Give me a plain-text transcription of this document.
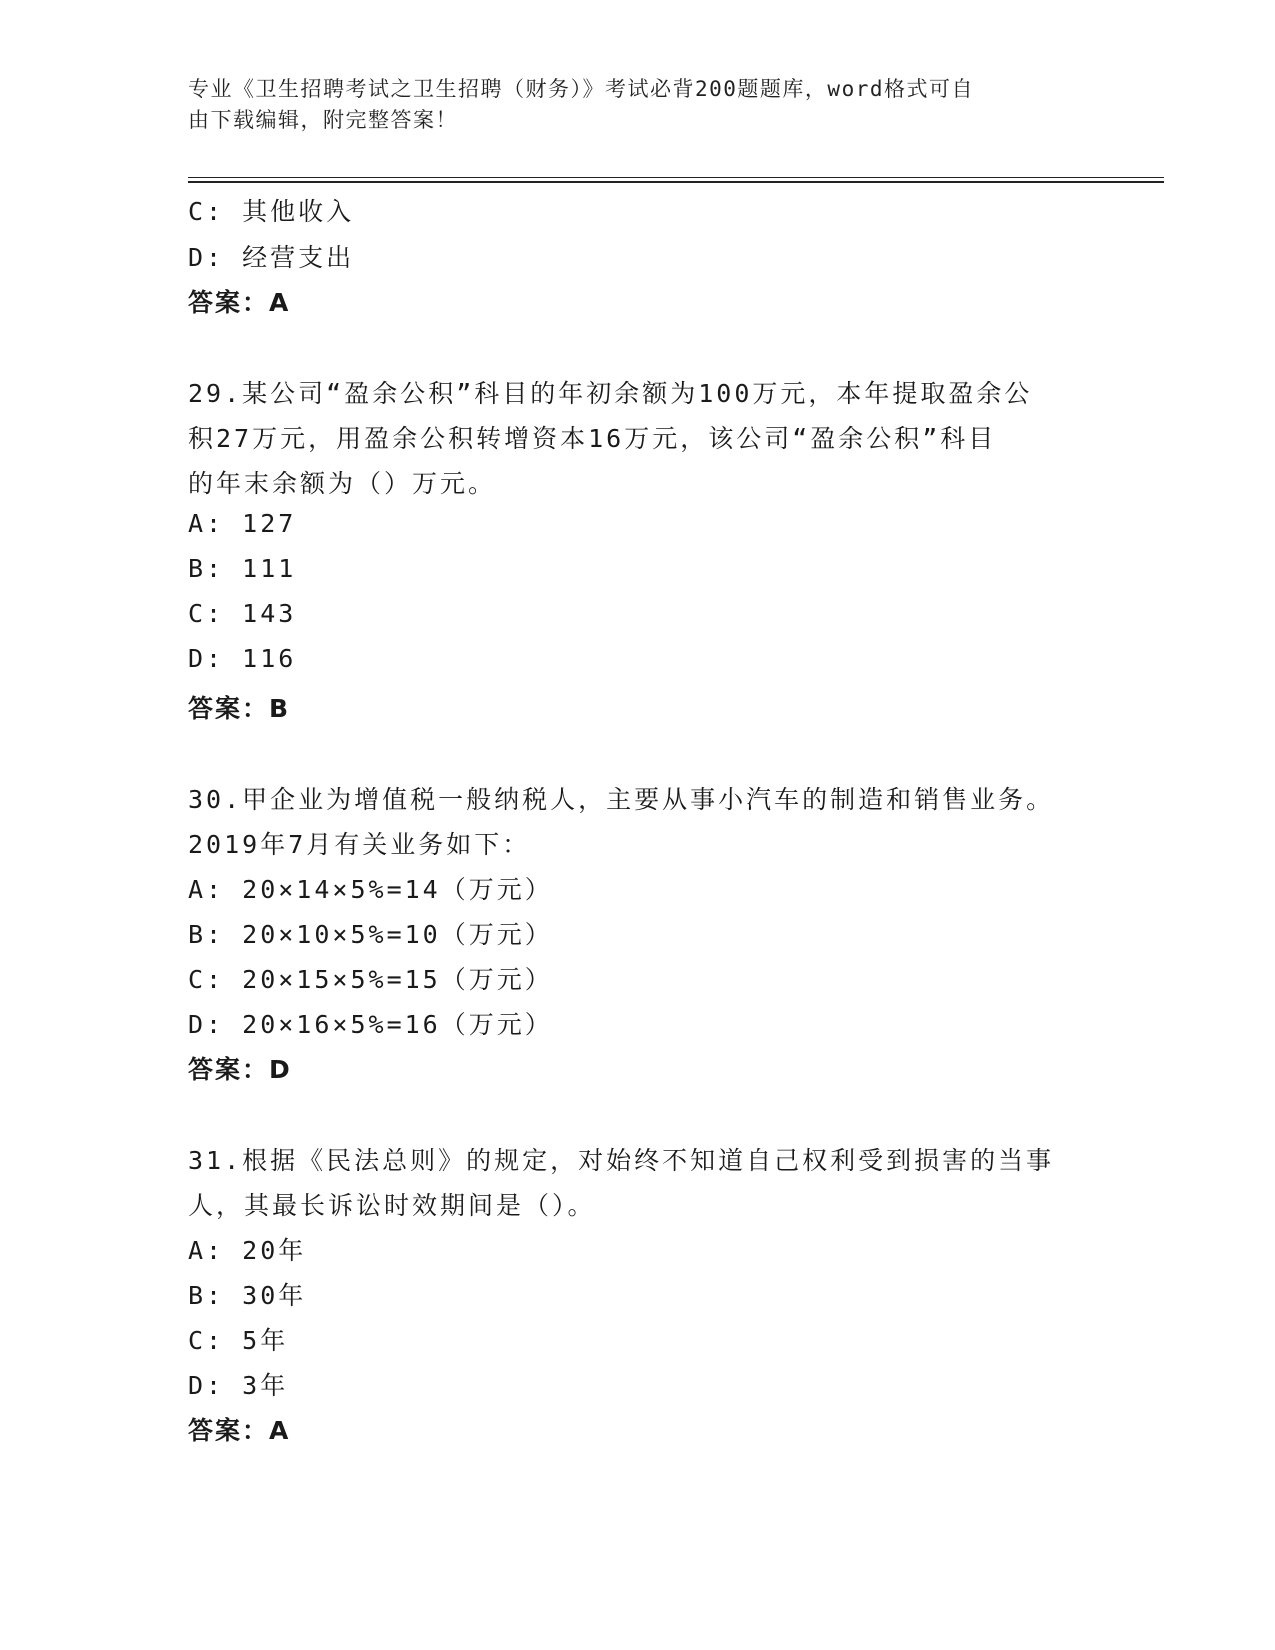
专业《卫生招聘考试之卫生招聘（财务）》考试必背200题题库，word格式可自
由下载编辑，附完整答案！
C: 其他收入
D: 经营支出
答案：A
29.某公司“盈余公积”科目的年初余额为100万元，本年提取盈余公
积27万元，用盈余公积转增资本16万元，该公司“盈余公积”科目
的年末余额为（）万元。
A: 127
B: 111
C: 143
D: 116
答案：B
30.甲企业为增值税一般纳税人，主要从事小汽车的制造和销售业务。
2019年7月有关业务如下：
A: 20×14×5%=14（万元）
B: 20×10×5%=10（万元）
C: 20×15×5%=15（万元）
D: 20×16×5%=16（万元）
答案：D
31.根据《民法总则》的规定，对始终不知道自己权利受到损害的当事
人，其最长诉讼时效期间是（）。
A: 20年
B: 30年
C: 5年
D: 3年
答案：A
